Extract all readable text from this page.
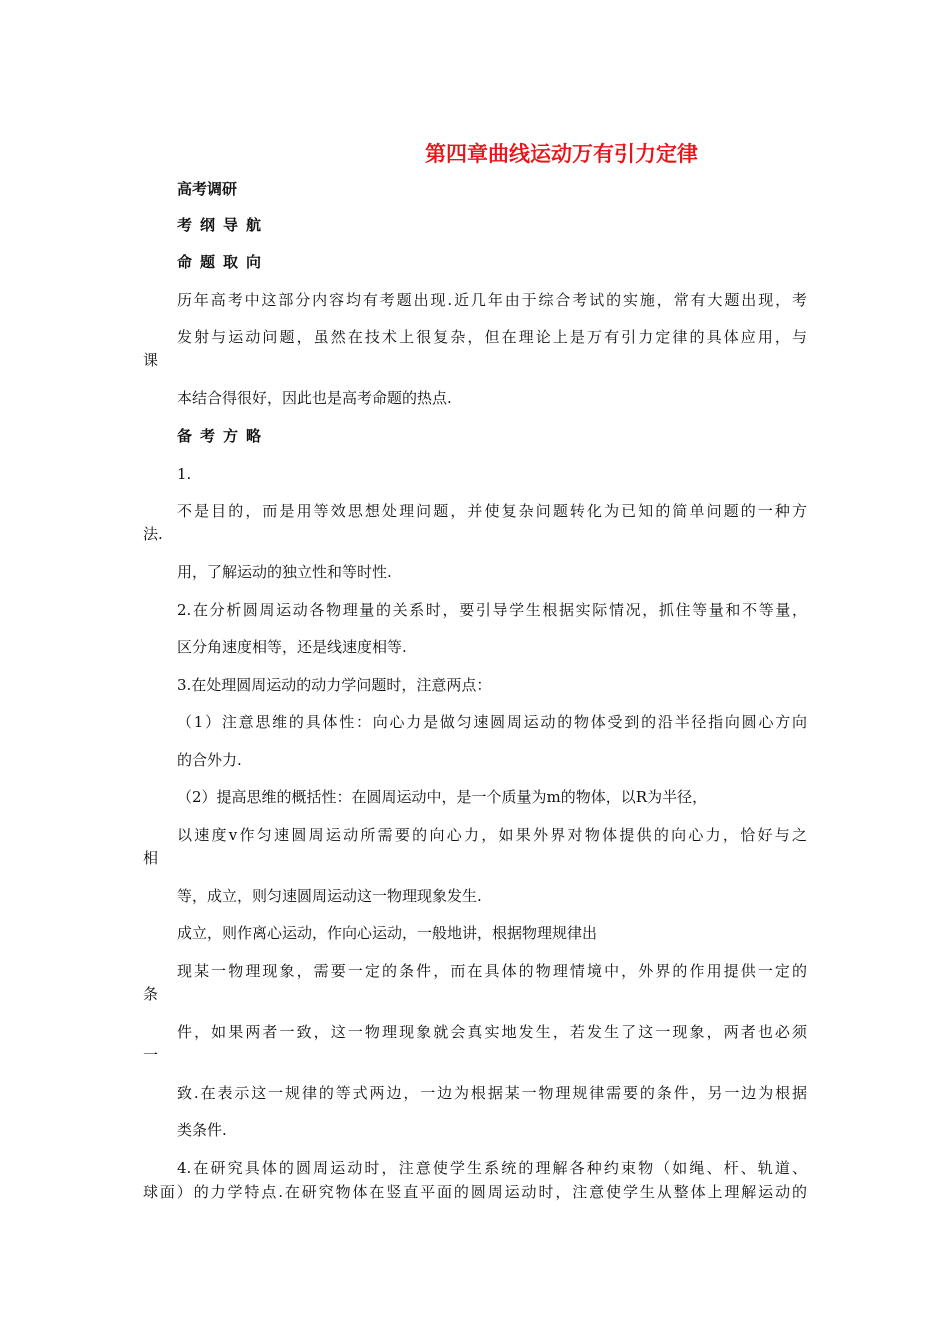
第四章曲线运动万有引力定律
高考调研
考纲导航
命题取向
历年高考中这部分内容均有考题出现.近几年由于综合考试的实施，常有大题出现，考
发射与运动问题，虽然在技术上很复杂，但在理论上是万有引力定律的具体应用，与
课
本结合得很好，因此也是高考命题的热点.
备考方略
1.
不是目的，而是用等效思想处理问题，并使复杂问题转化为已知的简单问题的一种方
法.
用，了解运动的独立性和等时性.
2.在分析圆周运动各物理量的关系时，要引导学生根据实际情况，抓住等量和不等量，
区分角速度相等，还是线速度相等.
3.在处理圆周运动的动力学问题时，注意两点：
（1）注意思维的具体性：向心力是做匀速圆周运动的物体受到的沿半径指向圆心方向
的合外力.
（2）提高思维的概括性：在圆周运动中，是一个质量为m的物体，以R为半径，
以速度v作匀速圆周运动所需要的向心力，如果外界对物体提供的向心力，恰好与之
相
等，成立，则匀速圆周运动这一物理现象发生.
成立，则作离心运动，作向心运动，一般地讲，根据物理规律出
现某一物理现象，需要一定的条件，而在具体的物理情境中，外界的作用提供一定的
条
件，如果两者一致，这一物理现象就会真实地发生，若发生了这一现象，两者也必须
一
致.在表示这一规律的等式两边，一边为根据某一物理规律需要的条件，另一边为根据
类条件.
4.在研究具体的圆周运动时，注意使学生系统的理解各种约束物（如绳、杆、轨道、
球面）的力学特点.在研究物体在竖直平面的圆周运动时，注意使学生从整体上理解运动的
